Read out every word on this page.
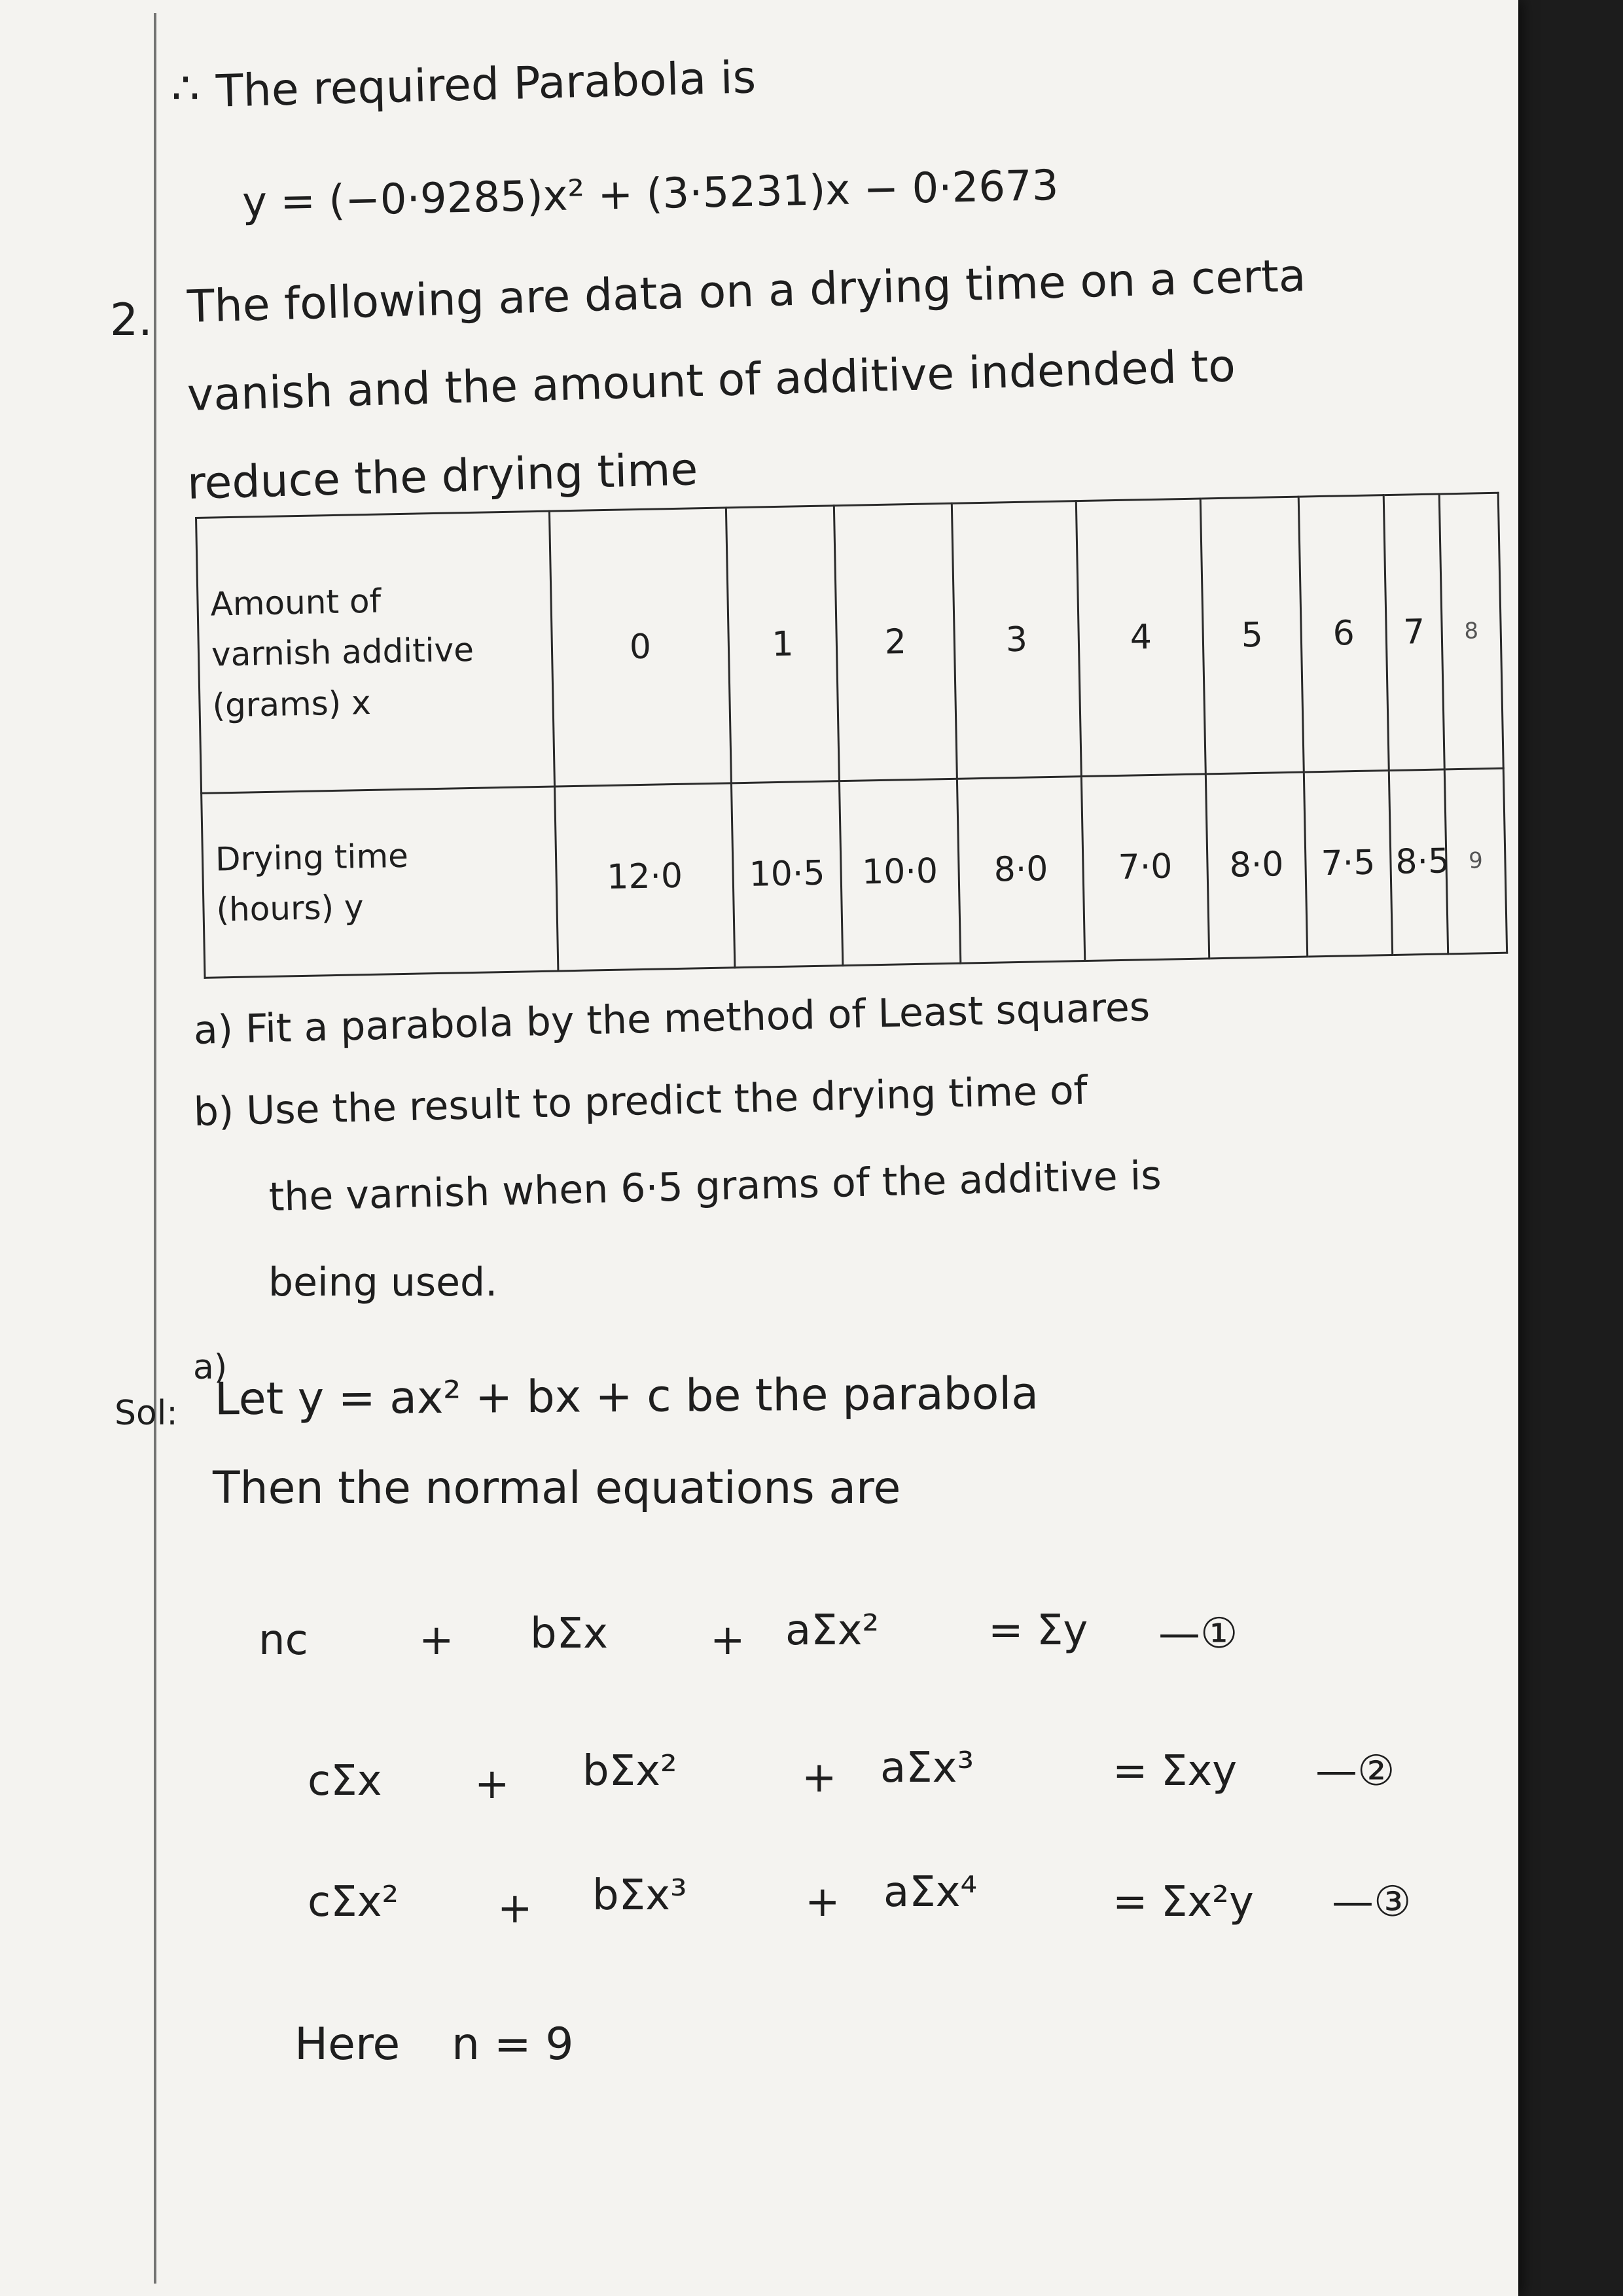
∴ The required Parabola is
y = (−0·9285)x² + (3·5231)x − 0·2673
2. The following are data on a drying time on a certa
vanish and the amount of additive indended to
reduce the drying time
Amount of
varnish additive
(grams) x	0	1	2	3	4	5	6	7	8

Drying time
(hours) y	12·0	10·5	10·0	8·0	7·0	8·0	7·5	8·5	9
a) Fit a parabola by the method of Least squares
b) Use the result to predict the drying time of
the varnish when 6·5 grams of the additive is
being used.
Sol:
a)
Let y = ax² + bx + c be the parabola
Then the normal equations are
nc	+ bΣx + aΣx²	= Σy —①
cΣx + bΣx²	+ aΣx³	= Σxy —②
cΣx² + bΣx³	+ aΣx⁴	= Σx²y —③
Here n = 9
